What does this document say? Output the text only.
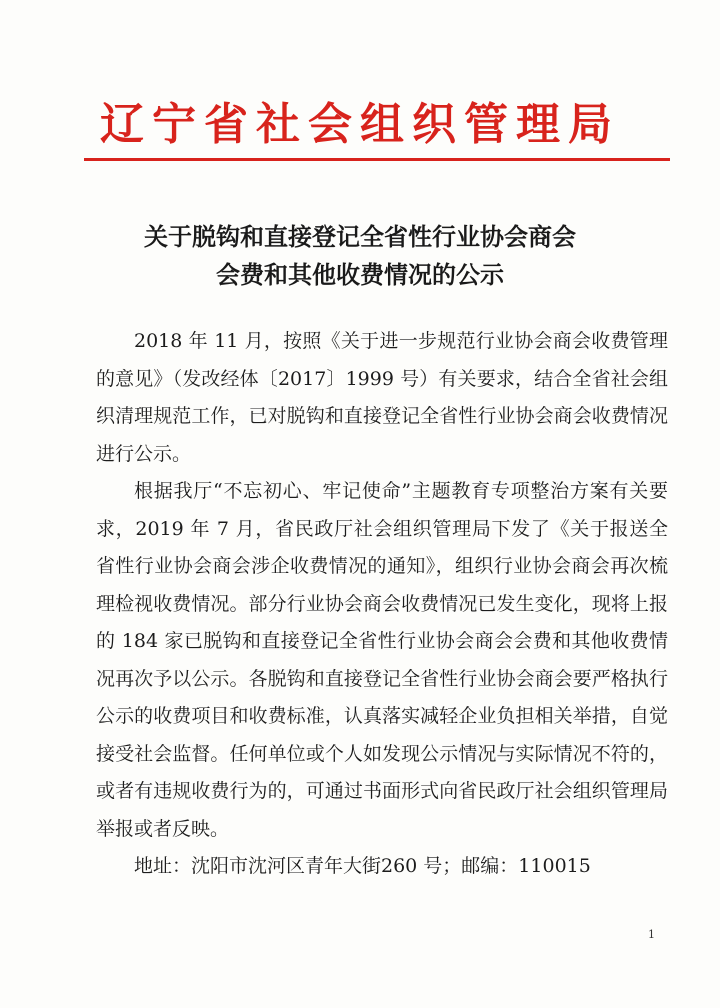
辽宁省社会组织管理局
关于脱钩和直接登记全省性行业协会商会
会费和其他收费情况的公示

2018 年 11 月，按照《关于进一步规范行业协会商会收费管理的意见》（发改经体〔2017〕1999 号）有关要求，结合全省社会组织清理规范工作，已对脱钩和直接登记全省性行业协会商会收费情况进行公示。

根据我厅“不忘初心、牢记使命”主题教育专项整治方案有关要求，2019 年 7 月，省民政厅社会组织管理局下发了《关于报送全省性行业协会商会涉企收费情况的通知》，组织行业协会商会再次梳理检视收费情况。部分行业协会商会收费情况已发生变化，现将上报的 184 家已脱钩和直接登记全省性行业协会商会会费和其他收费情况再次予以公示。各脱钩和直接登记全省性行业协会商会要严格执行公示的收费项目和收费标准，认真落实减轻企业负担相关举措，自觉接受社会监督。任何单位或个人如发现公示情况与实际情况不符的，或者有违规收费行为的，可通过书面形式向省民政厅社会组织管理局举报或者反映。

地址：沈阳市沈河区青年大街260 号；邮编：110015

1
